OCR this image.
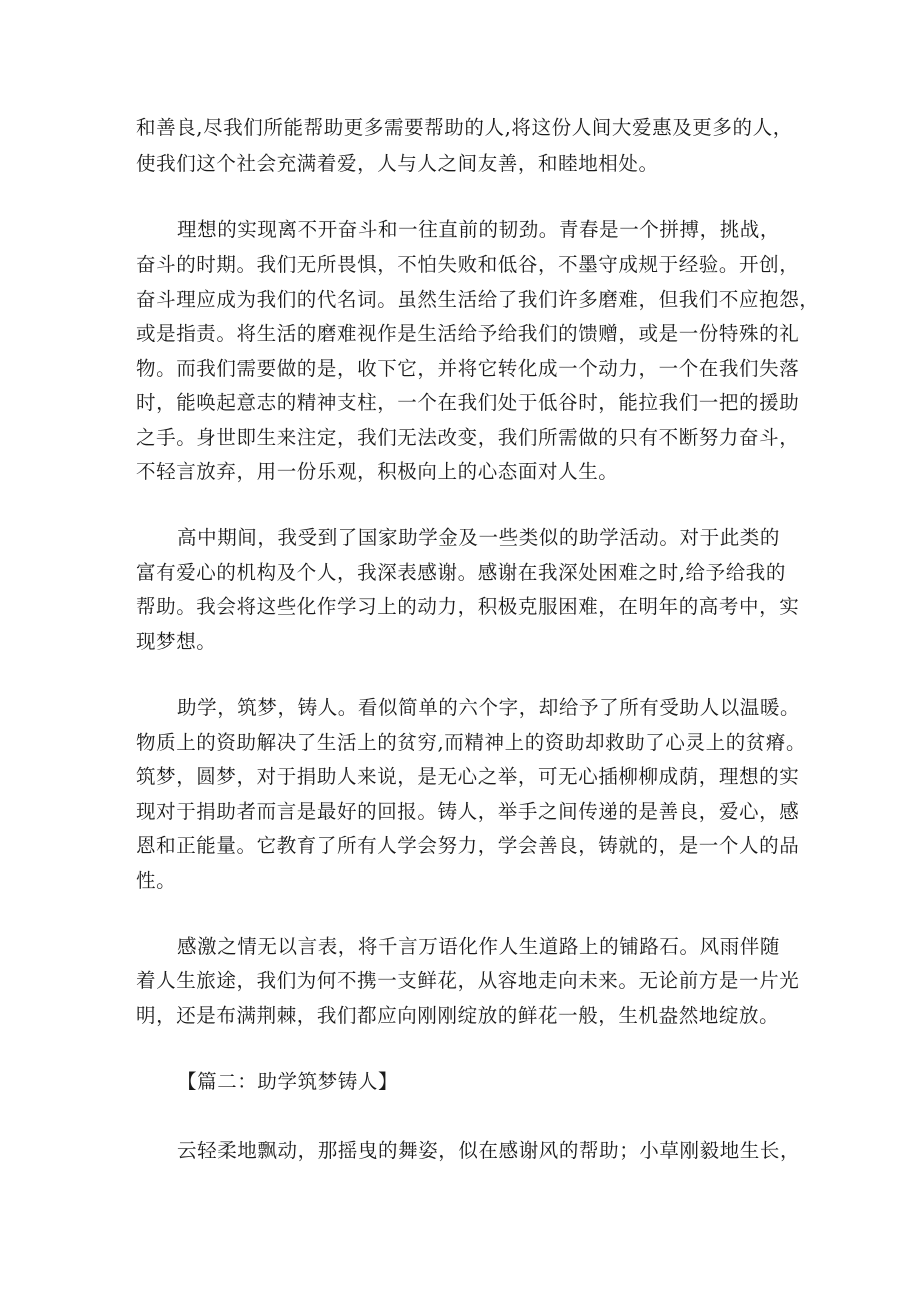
和善良,尽我们所能帮助更多需要帮助的人,将这份人间大爱惠及更多的人，
使我们这个社会充满着爱，人与人之间友善，和睦地相处。
理想的实现离不开奋斗和一往直前的韧劲。青春是一个拼搏，挑战，
奋斗的时期。我们无所畏惧，不怕失败和低谷，不墨守成规于经验。开创，
奋斗理应成为我们的代名词。虽然生活给了我们许多磨难，但我们不应抱怨，
或是指责。将生活的磨难视作是生活给予给我们的馈赠，或是一份特殊的礼
物。而我们需要做的是，收下它，并将它转化成一个动力，一个在我们失落
时，能唤起意志的精神支柱，一个在我们处于低谷时，能拉我们一把的援助
之手。身世即生来注定，我们无法改变，我们所需做的只有不断努力奋斗，
不轻言放弃，用一份乐观，积极向上的心态面对人生。
高中期间，我受到了国家助学金及一些类似的助学活动。对于此类的
富有爱心的机构及个人，我深表感谢。感谢在我深处困难之时,给予给我的
帮助。我会将这些化作学习上的动力，积极克服困难，在明年的高考中，实
现梦想。
助学，筑梦，铸人。看似简单的六个字，却给予了所有受助人以温暖。
物质上的资助解决了生活上的贫穷,而精神上的资助却救助了心灵上的贫瘠。
筑梦，圆梦，对于捐助人来说，是无心之举，可无心插柳柳成荫，理想的实
现对于捐助者而言是最好的回报。铸人，举手之间传递的是善良，爱心，感
恩和正能量。它教育了所有人学会努力，学会善良，铸就的，是一个人的品
性。
感激之情无以言表，将千言万语化作人生道路上的铺路石。风雨伴随
着人生旅途，我们为何不携一支鲜花，从容地走向未来。无论前方是一片光
明，还是布满荆棘，我们都应向刚刚绽放的鲜花一般，生机盎然地绽放。
【篇二：助学筑梦铸人】
云轻柔地飘动，那摇曳的舞姿，似在感谢风的帮助；小草刚毅地生长，
